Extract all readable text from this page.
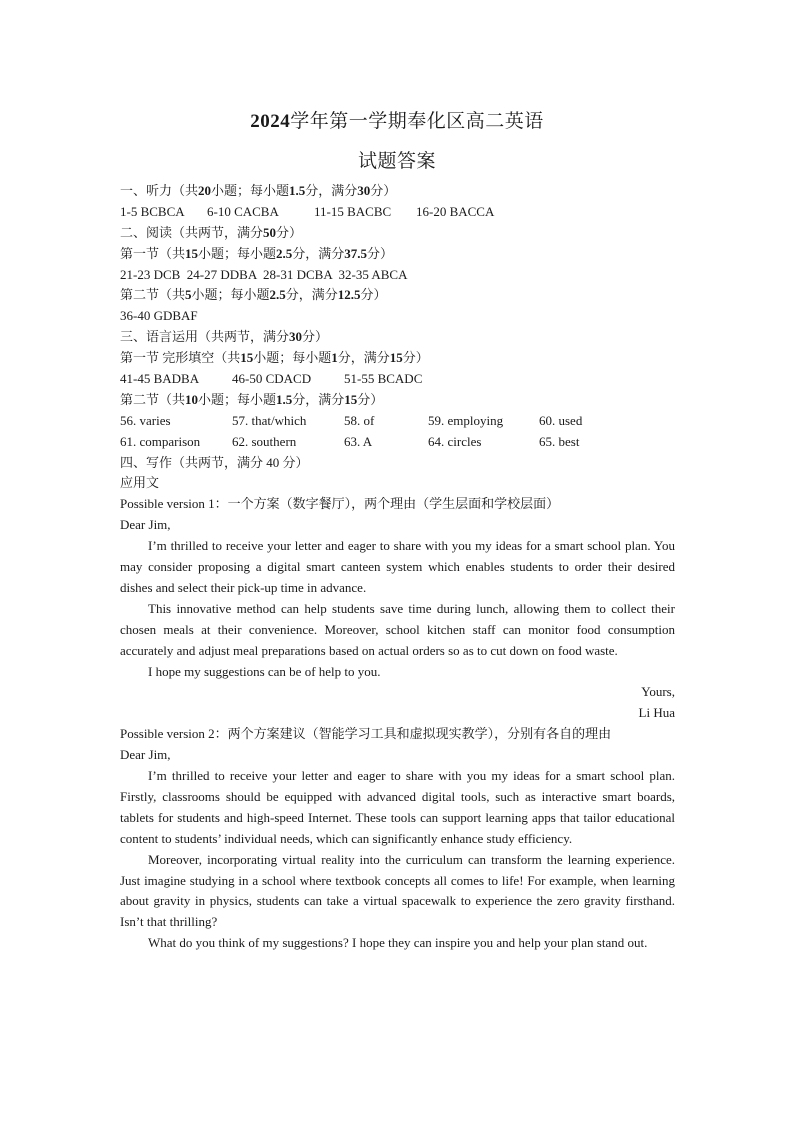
2024学年第一学期奉化区高二英语
试题答案
一、听力（共20小题；每小题1.5分，满分30分）
1-5 BCBCA 6-10 CACBA	11-15 BACBC 16-20 BACCA
二、阅读（共两节，满分50分）
第一节（共15小题；每小题2.5分，满分37.5分）
21-23 DCB  24-27 DDBA  28-31 DCBA  32-35 ABCA
第二节（共5小题；每小题2.5分，满分12.5分）
36-40 GDBAF
三、语言运用（共两节，满分30分）
第一节 完形填空（共15小题；每小题1分，满分15分）
41-45 BADBA	46-50 CDACD	51-55 BCADC
第二节（共10小题；每小题1.5分，满分15分）
56. varies	57. that/which	58. of	59. employing	60. used
61. comparison 62. southern	63. A	64. circles	65. best
四、写作（共两节，满分 40 分）
应用文
Possible version 1：一个方案（数字餐厅），两个理由（学生层面和学校层面）
Dear Jim,
I’m thrilled to receive your letter and eager to share with you my ideas for a smart school plan. You may consider proposing a digital smart canteen system which enables students to order their desired dishes and select their pick-up time in advance.
This innovative method can help students save time during lunch, allowing them to collect their chosen meals at their convenience. Moreover, school kitchen staff can monitor food consumption accurately and adjust meal preparations based on actual orders so as to cut down on food waste.
I hope my suggestions can be of help to you.
Yours,
Li Hua
Possible version 2：两个方案建议（智能学习工具和虚拟现实教学），分别有各自的理由
Dear Jim,
I’m thrilled to receive your letter and eager to share with you my ideas for a smart school plan. Firstly, classrooms should be equipped with advanced digital tools, such as interactive smart boards, tablets for students and high-speed Internet. These tools can support learning apps that tailor educational content to students’ individual needs, which can significantly enhance study efficiency.
Moreover, incorporating virtual reality into the curriculum can transform the learning experience. Just imagine studying in a school where textbook concepts all comes to life! For example, when learning about gravity in physics, students can take a virtual spacewalk to experience the zero gravity firsthand. Isn’t that thrilling?
What do you think of my suggestions? I hope they can inspire you and help your plan stand out.
